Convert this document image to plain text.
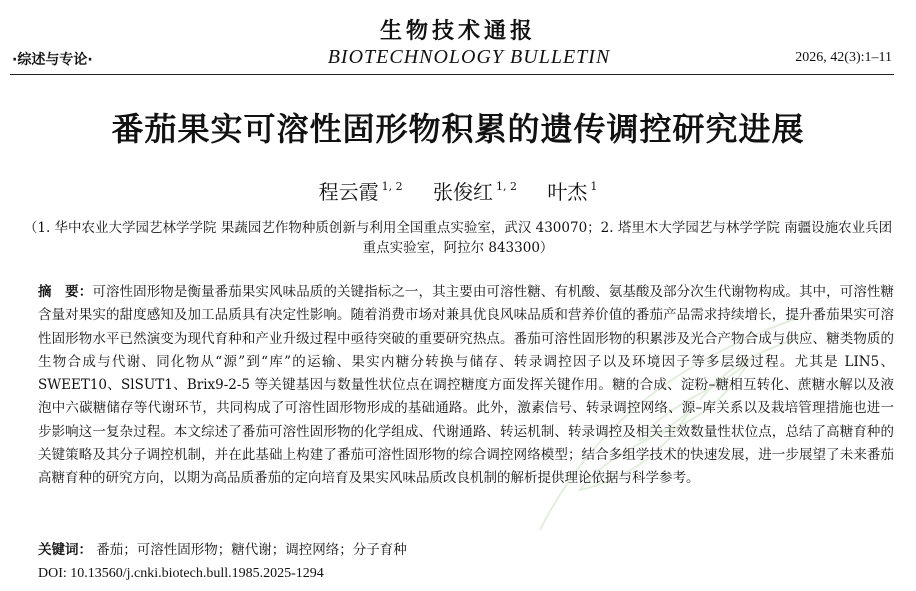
生物技术通报
·综述与专论·	BIOTECHNOLOGY BULLETIN	2026, 42(3):1–11
番茄果实可溶性固形物积累的遗传调控研究进展
程云霞 $^{1, 2}$ 张俊红 $^{1, 2}$ 叶杰 $^1$
（1. 华中农业大学园艺林学学院 果蔬园艺作物种质创新与利用全国重点实验室，武汉 430070；2. 塔里木大学园艺与林学学院 南疆设施农业兵团重点实验室，阿拉尔 843300）

摘　要：可溶性固形物是衡量番茄果实风味品质的关键指标之一，其主要由可溶性糖、有机酸、氨基酸及部分次生代谢物构成。其中，可溶性糖含量对果实的甜度感知及加工品质具有决定性影响。随着消费市场对兼具优良风味品质和营养价值的番茄产品需求持续增长，提升番茄果实可溶性固形物水平已然演变为现代育种和产业升级过程中亟待突破的重要研究热点。番茄可溶性固形物的积累涉及光合产物合成与供应、糖类物质的生物合成与代谢、同化物从“源”到“库”的运输、果实内糖分转换与储存、转录调控因子以及环境因子等多层级过程。尤其是 LIN5、SWEET10、SlSUT1、Brix9-2-5 等关键基因与数量性状位点在调控糖度方面发挥关键作用。糖的合成、淀粉–糖相互转化、蔗糖水解以及液泡中六碳糖储存等代谢环节，共同构成了可溶性固形物形成的基础通路。此外，激素信号、转录调控网络、源–库关系以及栽培管理措施也进一步影响这一复杂过程。本文综述了番茄可溶性固形物的化学组成、代谢通路、转运机制、转录调控及相关主效数量性状位点，总结了高糖育种的关键策略及其分子调控机制，并在此基础上构建了番茄可溶性固形物的综合调控网络模型；结合多组学技术的快速发展，进一步展望了未来番茄高糖育种的研究方向，以期为高品质番茄的定向培育及果实风味品质改良机制的解析提供理论依据与科学参考。

关键词： 番茄；可溶性固形物；糖代谢；调控网络；分子育种
DOI: 10.13560/j.cnki.biotech.bull.1985.2025-1294
